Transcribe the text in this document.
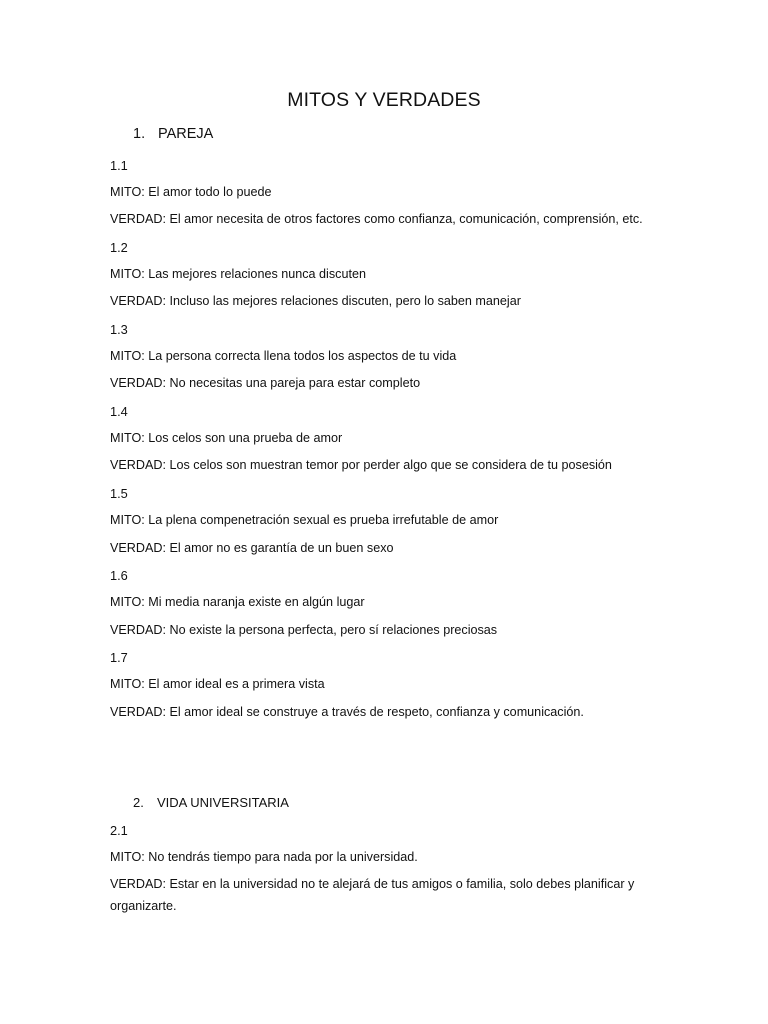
MITOS Y VERDADES
1. PAREJA
1.1
MITO: El amor todo lo puede
VERDAD: El amor necesita de otros factores como confianza, comunicación, comprensión, etc.
1.2
MITO: Las mejores relaciones nunca discuten
VERDAD: Incluso las mejores relaciones discuten, pero lo saben manejar
1.3
MITO: La persona correcta llena todos los aspectos de tu vida
VERDAD: No necesitas una pareja para estar completo
1.4
MITO: Los celos son una prueba de amor
VERDAD: Los celos son muestran temor por perder algo que se considera de tu posesión
1.5
MITO: La plena compenetración sexual es prueba irrefutable de amor
VERDAD: El amor no es garantía de un buen sexo
1.6
MITO: Mi media naranja existe en algún lugar
VERDAD: No existe la persona perfecta, pero sí relaciones preciosas
1.7
MITO: El amor ideal es a primera vista
VERDAD: El amor ideal se construye a través de respeto, confianza y comunicación.
2.	VIDA UNIVERSITARIA
2.1
MITO: No tendrás tiempo para nada por la universidad.
VERDAD: Estar en la universidad no te alejará de tus amigos o familia, solo debes planificar y organizarte.
